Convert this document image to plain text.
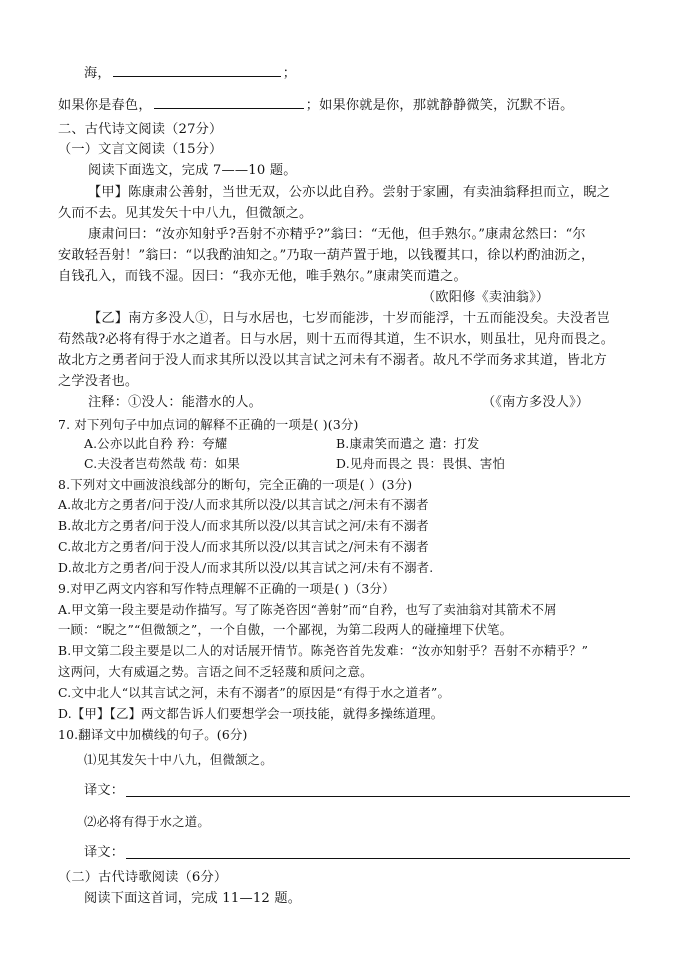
海，	；
如果你是春色，	；如果你就是你，那就静静微笑，沉默不语。
二、古代诗文阅读（27分）
（一）文言文阅读（15分）
阅读下面选文，完成 7——10 题。
【甲】陈康肃公善射，当世无双，公亦以此自矜。尝射于家圃，有卖油翁释担而立，睨之
久而不去。见其发矢十中八九，但微颔之。
康肃问曰：“汝亦知射乎?吾射不亦精乎?”翁曰：“无他，但手熟尔。”康肃忿然曰：“尔
安敢轻吾射！”翁曰：“以我酌油知之。”乃取一葫芦置于地，以钱覆其口，徐以杓酌油沥之，
自钱孔入，而钱不湿。因曰：“我亦无他，唯手熟尔。”康肃笑而遣之。
（欧阳修《卖油翁》）
【乙】南方多没人①，日与水居也，七岁而能涉，十岁而能浮，十五而能没矣。夫没者岂
苟然哉?必将有得于水之道者。日与水居，则十五而得其道，生不识水，则虽壮，见舟而畏之。
故北方之勇者问于没人而求其所以没以其言试之河未有不溺者。故凡不学而务求其道，皆北方
之学没者也。
注释：①没人：能潜水的人。	（《南方多没人》）
7. 对下列句子中加点词的解释不正确的一项是( )(3分)
A.公亦以此自矜 矜：夸耀	B.康肃笑而遣之 遣：打发
C.夫没者岂苟然哉 苟：如果	D.见舟而畏之 畏：畏惧、害怕
8.下列对文中画波浪线部分的断句，完全正确的一项是( ）(3分)
A.故北方之勇者/问于没/人而求其所以没/以其言试之/河未有不溺者
B.故北方之勇者/问于没人/而求其所以没/以其言试之河/未有不溺者
C.故北方之勇者/问于没人/而求其所以没/以其言试之/河未有不溺者
D.故北方之勇者/问于没人/而求其所以没/以其言试之河/未有不溺者.
9.对甲乙两文内容和写作特点理解不正确的一项是( )（3分）
A.甲文第一段主要是动作描写。写了陈尧咨因“善射”而“自矜，也写了卖油翁对其箭术不屑
一顾：“睨之”“但微颔之”，一个自傲，一个鄙视，为第二段两人的碰撞埋下伏笔。
B.甲文第二段主要是以二人的对话展开情节。陈尧咨首先发难：“汝亦知射乎？吾射不亦精乎？”
这两问，大有威逼之势。言语之间不乏轻蔑和质问之意。
C.文中北人“以其言试之河，未有不溺者”的原因是“有得于水之道者”。
D.【甲】【乙】两文都告诉人们要想学会一项技能，就得多操练道理。
10.翻译文中加横线的句子。(6分)
⑴见其发矢十中八九，但微颔之。
译文：
⑵必将有得于水之道。
译文：
（二）古代诗歌阅读（6分）
阅读下面这首词，完成 11—12 题。
